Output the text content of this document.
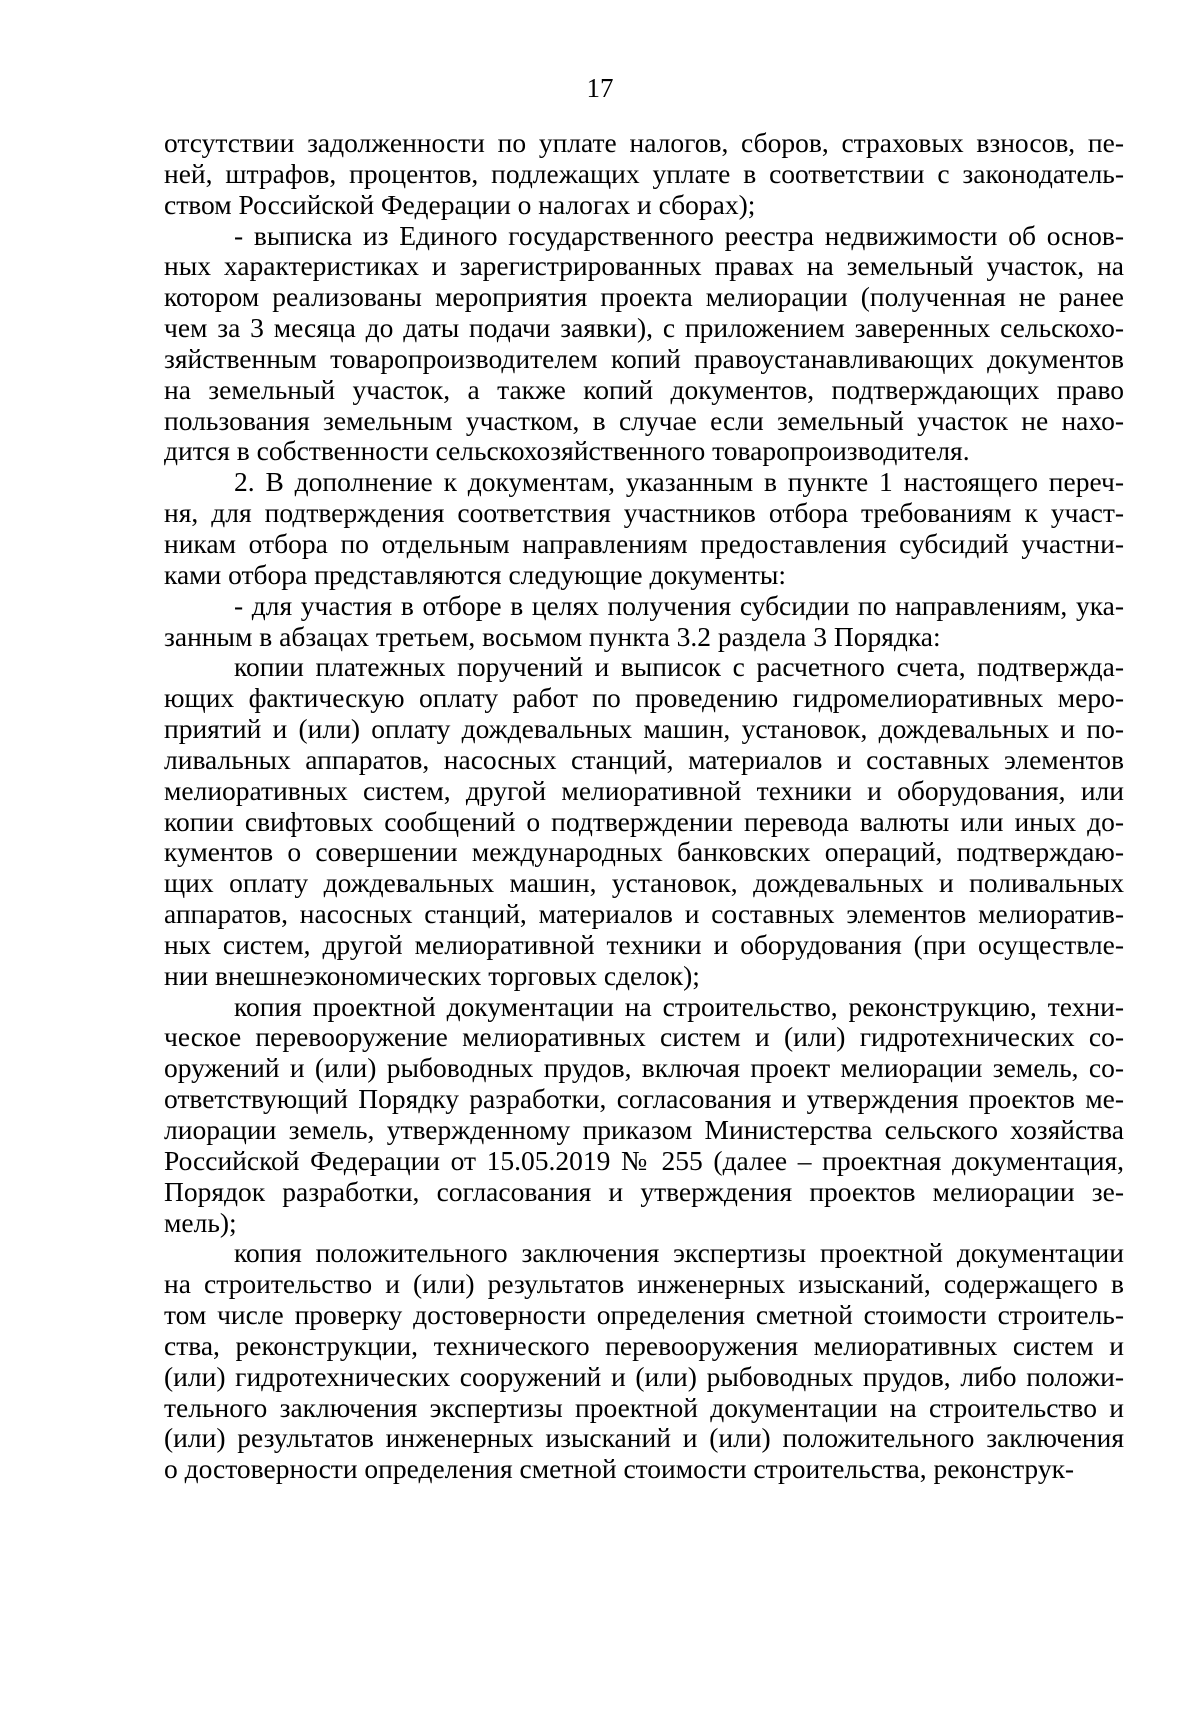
17
отсутствии задолженности по уплате налогов, сборов, страховых взносов, пе-
ней, штрафов, процентов, подлежащих уплате в соответствии с законодатель-
ством Российской Федерации о налогах и сборах);
- выписка из Единого государственного реестра недвижимости об основ-
ных характеристиках и зарегистрированных правах на земельный участок, на
котором реализованы мероприятия проекта мелиорации (полученная не ранее
чем за 3 месяца до даты подачи заявки), с приложением заверенных сельскохо-
зяйственным товаропроизводителем копий правоустанавливающих документов
на земельный участок, а также копий документов, подтверждающих право
пользования земельным участком, в случае если земельный участок не нахо-
дится в собственности сельскохозяйственного товаропроизводителя.
2. В дополнение к документам, указанным в пункте 1 настоящего переч-
ня, для подтверждения соответствия участников отбора требованиям к участ-
никам отбора по отдельным направлениям предоставления субсидий участни-
ками отбора представляются следующие документы:
- для участия в отборе в целях получения субсидии по направлениям, ука-
занным в абзацах третьем, восьмом пункта 3.2 раздела 3 Порядка:
копии платежных поручений и выписок с расчетного счета, подтвержда-
ющих фактическую оплату работ по проведению гидромелиоративных меро-
приятий и (или) оплату дождевальных машин, установок, дождевальных и по-
ливальных аппаратов, насосных станций, материалов и составных элементов
мелиоративных систем, другой мелиоративной техники и оборудования, или
копии свифтовых сообщений о подтверждении перевода валюты или иных до-
кументов о совершении международных банковских операций, подтверждаю-
щих оплату дождевальных машин, установок, дождевальных и поливальных
аппаратов, насосных станций, материалов и составных элементов мелиоратив-
ных систем, другой мелиоративной техники и оборудования (при осуществле-
нии внешнеэкономических торговых сделок);
копия проектной документации на строительство, реконструкцию, техни-
ческое перевооружение мелиоративных систем и (или) гидротехнических со-
оружений и (или) рыбоводных прудов, включая проект мелиорации земель, со-
ответствующий Порядку разработки, согласования и утверждения проектов ме-
лиорации земель, утвержденному приказом Министерства сельского хозяйства
Российской Федерации от 15.05.2019 № 255 (далее – проектная документация,
Порядок разработки, согласования и утверждения проектов мелиорации зе-
мель);
копия положительного заключения экспертизы проектной документации
на строительство и (или) результатов инженерных изысканий, содержащего в
том числе проверку достоверности определения сметной стоимости строитель-
ства, реконструкции, технического перевооружения мелиоративных систем и
(или) гидротехнических сооружений и (или) рыбоводных прудов, либо положи-
тельного заключения экспертизы проектной документации на строительство и
(или) результатов инженерных изысканий и (или) положительного заключения
о достоверности определения сметной стоимости строительства, реконструк-
